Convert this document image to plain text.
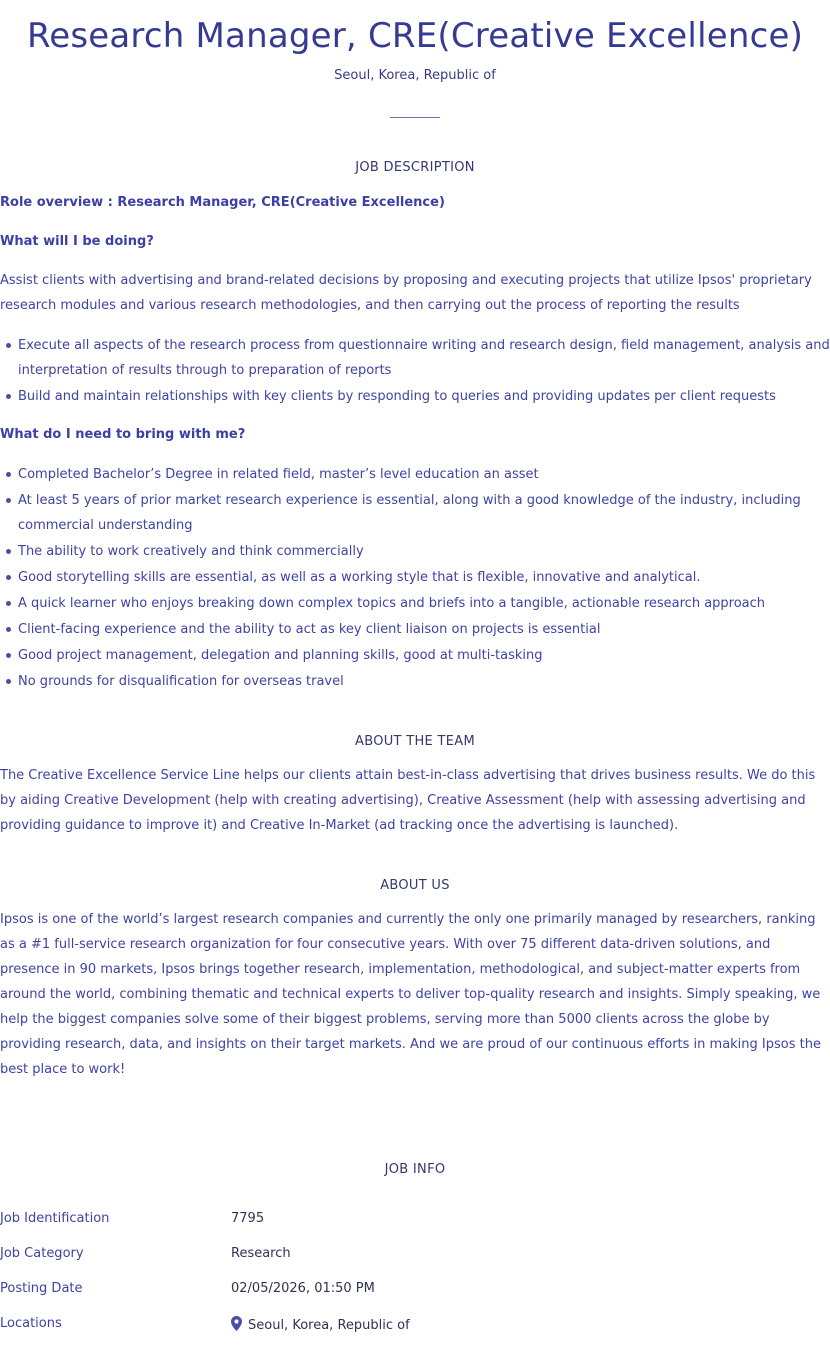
Research Manager, CRE(Creative Excellence)
Seoul, Korea, Republic of
JOB DESCRIPTION

Role overview : Research Manager, CRE(Creative Excellence)

What will I be doing?

Assist clients with advertising and brand-related decisions by proposing and executing projects that utilize Ipsos' proprietary research modules and various research methodologies, and then carrying out the process of reporting the results

Execute all aspects of the research process from questionnaire writing and research design, field management, analysis and interpretation of results through to preparation of reports
Build and maintain relationships with key clients by responding to queries and providing updates per client requests

What do I need to bring with me?

Completed Bachelor’s Degree in related field, master’s level education an asset
At least 5 years of prior market research experience is essential, along with a good knowledge of the industry, including commercial understanding
The ability to work creatively and think commercially
Good storytelling skills are essential, as well as a working style that is flexible, innovative and analytical.
A quick learner who enjoys breaking down complex topics and briefs into a tangible, actionable research approach
Client-facing experience and the ability to act as key client liaison on projects is essential
Good project management, delegation and planning skills, good at multi-tasking
No grounds for disqualification for overseas travel
ABOUT THE TEAM

The Creative Excellence Service Line helps our clients attain best-in-class advertising that drives business results. We do this by aiding Creative Development (help with creating advertising), Creative Assessment (help with assessing advertising and providing guidance to improve it) and Creative In-Market (ad tracking once the advertising is launched).

ABOUT US

Ipsos is one of the world’s largest research companies and currently the only one primarily managed by researchers, ranking as a #1 full-service research organization for four consecutive years. With over 75 different data-driven solutions, and presence in 90 markets, Ipsos brings together research, implementation, methodological, and subject-matter experts from around the world, combining thematic and technical experts to deliver top-quality research and insights. Simply speaking, we help the biggest companies solve some of their biggest problems, serving more than 5000 clients across the globe by providing research, data, and insights on their target markets. And we are proud of our continuous efforts in making Ipsos the best place to work!

JOB INFO
Job Identification	7795
Job Category	Research
Posting Date	02/05/2026, 01:50 PM
Locations	Seoul, Korea, Republic of
